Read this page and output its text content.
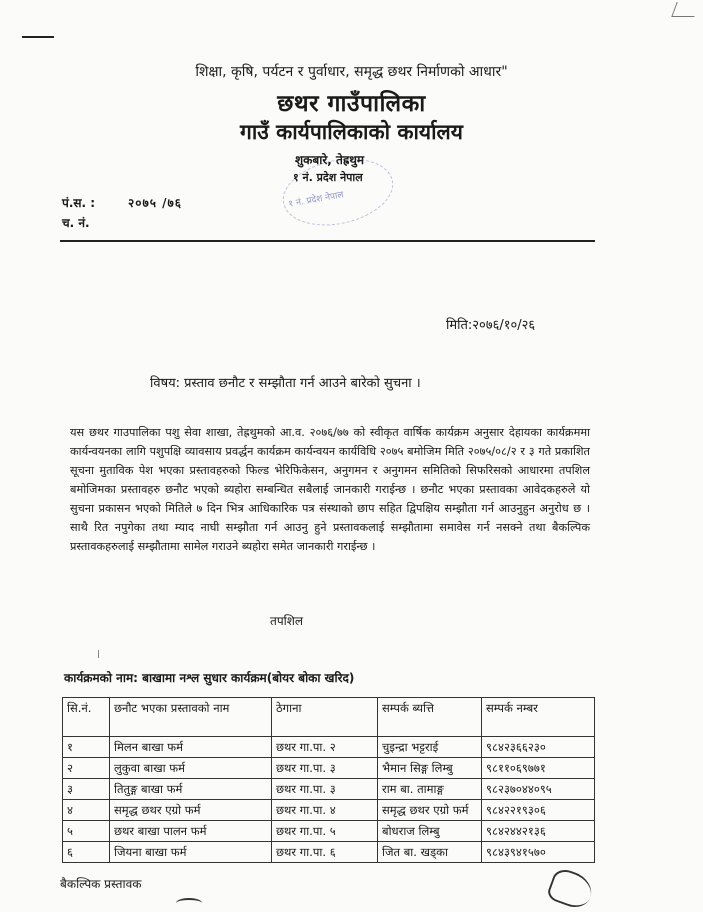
शिक्षा, कृषि, पर्यटन र पुर्वाधार, समृद्ध छथर निर्माणको आधार"
छथर गाउँपालिका
गाउँ कार्यपालिकाको कार्यालय
शुकबारे, तेह्रथुम
१ नं. प्रदेश नेपाल
१ नं. प्रदेश नेपाल
पं.स. :	२०७५ /७६
च. नं.
मिति:२०७६/१०/२६
विषय: प्रस्ताव छनौट र सम्झौता गर्न आउने बारेको सुचना ।
यस छथर गाउपालिका पशु सेवा शाखा, तेह्रथुमको आ.व. २०७६/७७ को स्वीकृत वार्षिक कार्यक्रम अनुसार देहायका कार्यक्रममा कार्यन्वयनका लागि पशुपक्षि व्यावसाय प्रवर्द्धन कार्यक्रम कार्यन्वयन कार्यविधि २०७५ बमोजिम मिति २०७५/०८/२ र ३ गते प्रकाशित सूचना मुताविक पेश भएका प्रस्तावहरुको फिल्ड भेरिफिकेसन, अनुगमन र अनुगमन समितिको सिफरिसको आधारमा तपशिल बमोजिमका प्रस्तावहरु छनौट भएको ब्यहोरा सम्बन्धित सबैलाई जानकारी गराईन्छ । छनौट भएका प्रस्तावका आवेदकहरुले यो सुचना प्रकासन भएको मितिले ७ दिन भित्र आधिकारिक पत्र संस्थाको छाप सहित द्विपक्षिय सम्झौता गर्न आउनुहुन अनुरोध छ । साथै रित नपुगेका तथा म्याद नाघी सम्झौता गर्न आउनु हुने प्रस्तावकलाई सम्झौतामा समावेस गर्न नसक्ने तथा बैकल्पिक प्रस्तावकहरुलाई सम्झौतामा सामेल गराउने ब्यहोरा समेत जानकारी गराईन्छ ।
तपशिल
कार्यक्रमको नाम: बाखामा नश्ल सुधार कार्यक्रम(बोयर बोका खरिद)
सि.नं.	छनौट भएका प्रस्तावको नाम	ठेगाना	सम्पर्क ब्यत्ति	सम्पर्क नम्बर
१	मिलन बाखा फर्म	छथर गा.पा. २	चुइन्द्रा भट्टराई	९८४२३६६२३०
२	लुकुवा बाखा फर्म	छथर गा.पा. ३	भैमान सिङ्ग लिम्बु	९८११०६९७७१
३	तितुङ्ग बाखा फर्म	छथर गा.पा. ३	राम बा. तामाङ्ग	९८२३७०४४०९५
४	समृद्ध छथर एग्रो फर्म	छथर गा.पा. ४	समृद्ध छथर एग्रो फर्म	९८४२२१९३०६
५	छथर बाखा पालन फर्म	छथर गा.पा. ५	बोधराज लिम्बु	९८४२४४२१३६
६	जियना बाखा फर्म	छथर गा.पा. ६	जित बा. खड्का	९८४३९४१५७०
बैकल्पिक प्रस्तावक
